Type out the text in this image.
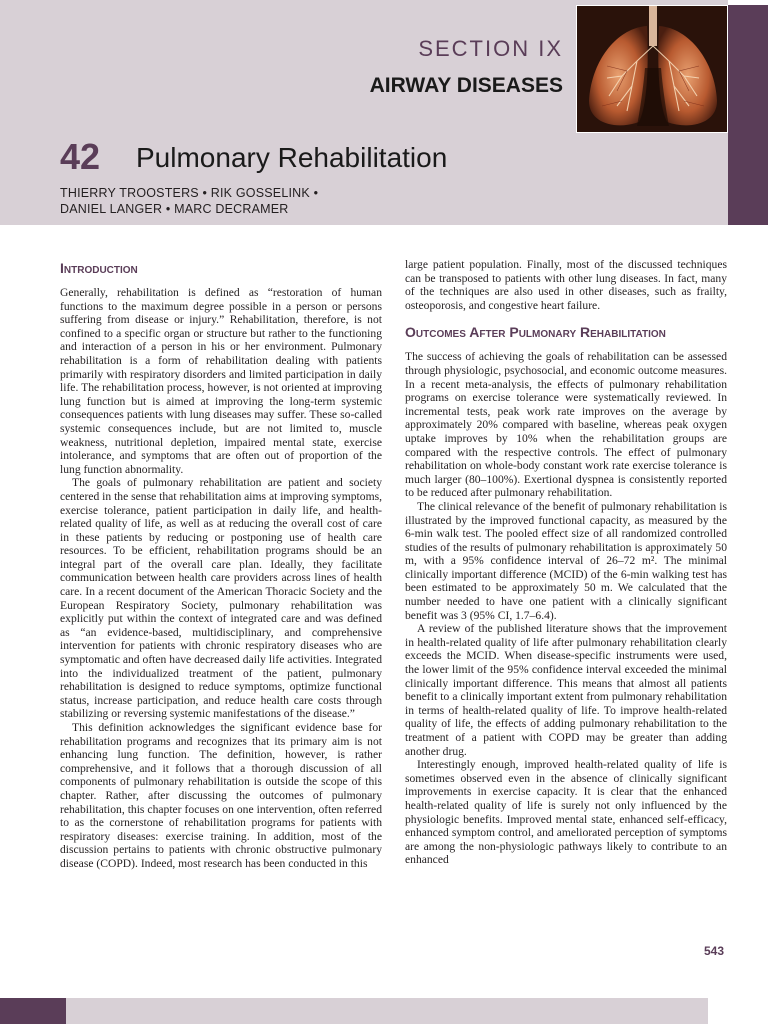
SECTION IX
AIRWAY DISEASES
42 Pulmonary Rehabilitation
THIERRY TROOSTERS • RIK GOSSELINK •
DANIEL LANGER • MARC DECRAMER
Introduction

Generally, rehabilitation is defined as “restoration of human functions to the maximum degree possible in a person or persons suffering from disease or injury.” Rehabilitation, therefore, is not confined to a specific organ or structure but rather to the functioning and interaction of a person in his or her environment. Pulmonary rehabilitation is a form of rehabilitation dealing with patients primarily with respiratory disorders and limited participation in daily life. The rehabilitation process, however, is not oriented at improving lung function but is aimed at improving the long-term systemic consequences patients with lung diseases may suffer. These so-called systemic consequences include, but are not limited to, muscle weakness, nutritional depletion, impaired mental state, exercise intolerance, and symptoms that are often out of proportion of the lung function abnormality.

The goals of pulmonary rehabilitation are patient and society centered in the sense that rehabilitation aims at improving symptoms, exercise tolerance, patient participation in daily life, and health-related quality of life, as well as at reducing the overall cost of care in these patients by reducing or postponing use of health care resources. To be efficient, rehabilitation programs should be an integral part of the overall care plan. Ideally, they facilitate communication between health care providers across lines of health care. In a recent document of the American Thoracic Society and the European Respiratory Society, pulmonary rehabilitation was explicitly put within the context of integrated care and was defined as “an evidence-based, multidisciplinary, and comprehensive intervention for patients with chronic respiratory diseases who are symptomatic and often have decreased daily life activities. Integrated into the individualized treatment of the patient, pulmonary rehabilitation is designed to reduce symptoms, optimize functional status, increase participation, and reduce health care costs through stabilizing or reversing systemic manifestations of the disease.”

This definition acknowledges the significant evidence base for rehabilitation programs and recognizes that its primary aim is not enhancing lung function. The definition, however, is rather comprehensive, and it follows that a thorough discussion of all components of pulmonary rehabilitation is outside the scope of this chapter. Rather, after discussing the outcomes of pulmonary rehabilitation, this chapter focuses on one intervention, often referred to as the cornerstone of rehabilitation programs for patients with respiratory diseases: exercise training. In addition, most of the discussion pertains to patients with chronic obstructive pulmonary disease (COPD). Indeed, most research has been conducted in this

large patient population. Finally, most of the discussed techniques can be transposed to patients with other lung diseases. In fact, many of the techniques are also used in other diseases, such as frailty, osteoporosis, and congestive heart failure.

Outcomes After Pulmonary Rehabilitation

The success of achieving the goals of rehabilitation can be assessed through physiologic, psychosocial, and economic outcome measures. In a recent meta-analysis, the effects of pulmonary rehabilitation programs on exercise tolerance were systematically reviewed. In incremental tests, peak work rate improves on the average by approximately 20% compared with baseline, whereas peak oxygen uptake improves by 10% when the rehabilitation groups are compared with the respective controls. The effect of pulmonary rehabilitation on whole-body constant work rate exercise tolerance is much larger (80–100%). Exertional dyspnea is consistently reported to be reduced after pulmonary rehabilitation.

The clinical relevance of the benefit of pulmonary rehabilitation is illustrated by the improved functional capacity, as measured by the 6-min walk test. The pooled effect size of all randomized controlled studies of the results of pulmonary rehabilitation is approximately 50 m, with a 95% confidence interval of 26–72 m². The minimal clinically important difference (MCID) of the 6-min walking test has been estimated to be approximately 50 m. We calculated that the number needed to have one patient with a clinically significant benefit was 3 (95% CI, 1.7–6.4).

A review of the published literature shows that the improvement in health-related quality of life after pulmonary rehabilitation clearly exceeds the MCID. When disease-specific instruments were used, the lower limit of the 95% confidence interval exceeded the minimal clinically important difference. This means that almost all patients benefit to a clinically important extent from pulmonary rehabilitation in terms of health-related quality of life. To improve health-related quality of life, the effects of adding pulmonary rehabilitation to the treatment of a patient with COPD may be greater than adding another drug.

Interestingly enough, improved health-related quality of life is sometimes observed even in the absence of clinically significant improvements in exercise capacity. It is clear that the enhanced health-related quality of life is surely not only influenced by the physiologic benefits. Improved mental state, enhanced self-efficacy, enhanced symptom control, and ameliorated perception of symptoms are among the non-physiologic pathways likely to contribute to an enhanced

543
